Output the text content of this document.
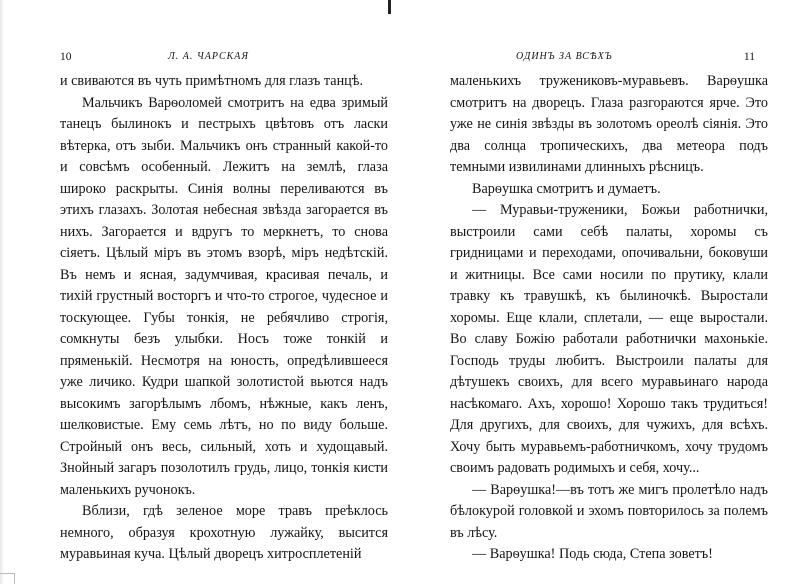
10	Л. А. ЧАРСКАЯ

и свиваются въ чуть примѣтномъ для глазъ танцѣ.

Мальчикъ Варѳоломей смотритъ на едва зримый танецъ былинокъ и пестрыхъ цвѣтовъ отъ ласки вѣтерка, отъ зыби. Мальчикъ онъ странный какой-то и совсѣмъ особенный. Лежитъ на землѣ, глаза широко раскрыты. Синія волны переливаются въ этихъ глазахъ. Золотая небесная звѣзда загорается въ нихъ. Загорается и вдругъ то меркнетъ, то снова сіяетъ. Цѣлый міръ въ этомъ взорѣ, міръ недѣтскій. Въ немъ и ясная, задумчивая, красивая печаль, и тихій грустный восторгъ и что-то строгое, чудесное и тоскующее. Губы тонкія, не ребячливо строгія, сомкнуты безъ улыбки. Носъ тоже тонкій и пряменькій. Несмотря на юность, опредѣлившееся уже личико. Кудри шапкой золотистой вьются надъ высокимъ загорѣлымъ лбомъ, нѣжные, какъ ленъ, шелковистые. Ему семь лѣтъ, но по виду больше. Стройный онъ весь, сильный, хоть и худощавый. Знойный загаръ позолотилъ грудь, лицо, тонкія кисти маленькихъ ручонокъ.

Вблизи, гдѣ зеленое море травъ преѣклось немного, образуя крохотную лужайку, высится муравьиная куча. Цѣлый дворецъ хитросплетеній

ОДИНЪ ЗА ВСѢХЪ	11

маленькихъ тружениковъ-муравьевъ. Варѳушка смотритъ на дворецъ. Глаза разгораются ярче. Это уже не синія звѣзды въ золотомъ ореолѣ сіянія. Это два солнца тропическихъ, два метеора подъ темными извилинами длинныхъ рѣсницъ.

Варѳушка смотритъ и думаетъ.

— Муравьи-труженики, Божьи работнички, выстроили сами себѣ палаты, хоромы съ гридницами и переходами, опочивальни, боковуши и житницы. Все сами носили по прутику, клали травку къ травушкѣ, къ былиночкѣ. Выростали хоромы. Еще клали, сплетали, — еще выростали. Во славу Божію работали работнички махонькіе. Господь труды любитъ. Выстроили палаты для дѣтушекъ своихъ, для всего муравьинаго народа насѣкомаго. Ахъ, хорошо! Хорошо такъ трудиться! Для другихъ, для своихъ, для чужихъ, для всѣхъ. Хочу быть муравьемъ-работничкомъ, хочу трудомъ своимъ радовать родимыхъ и себя, хочу...

— Варѳушка!—въ тотъ же мигъ пролетѣло надъ бѣлокурой головкой и эхомъ повторилось за полемъ въ лѣсу.

— Варѳушка! Подь сюда, Степа зоветъ!
